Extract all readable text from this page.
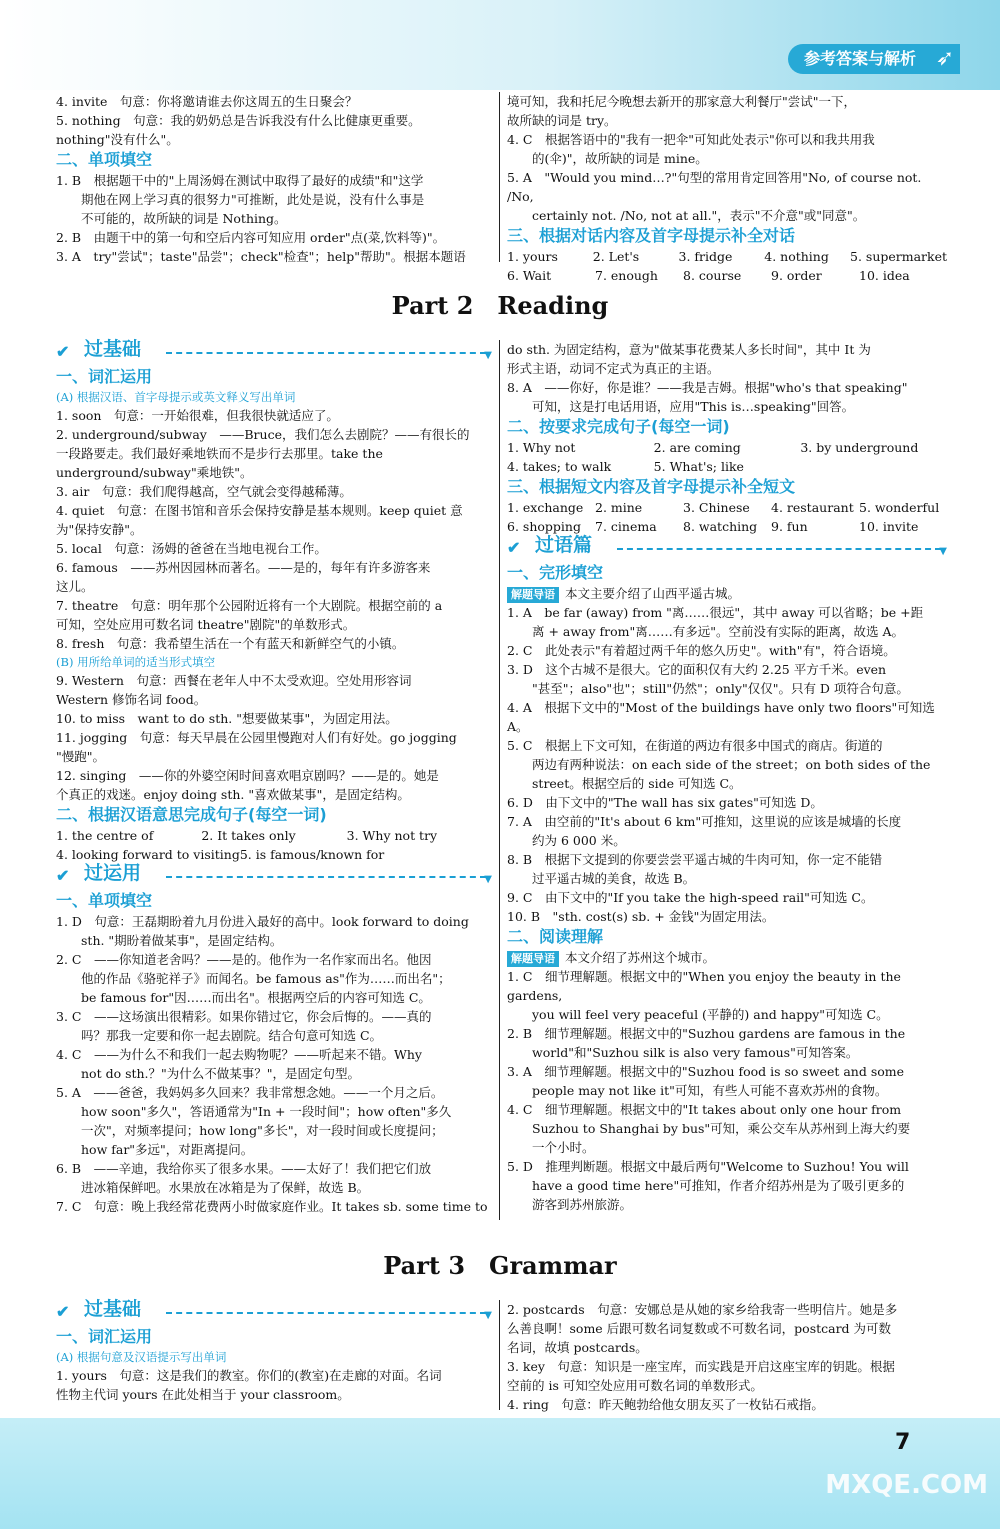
参考答案与解析 ➶
4. invite　句意：你将邀请谁去你这周五的生日聚会？
5. nothing　句意：我的奶奶总是告诉我没有什么比健康更重要。
nothing"没有什么"。
二、单项填空
1. B　根据题干中的"上周汤姆在测试中取得了最好的成绩"和"这学
　　期他在网上学习真的很努力"可推断，此处是说，没有什么事是
　　不可能的，故所缺的词是 Nothing。
2. B　由题干中的第一句和空后内容可知应用 order"点(菜,饮料等)"。
3. A　try"尝试"；taste"品尝"；check"检查"；help"帮助"。根据本题语
境可知，我和托尼今晚想去新开的那家意大利餐厅"尝试"一下，
故所缺的词是 try。
4. C　根据答语中的"我有一把伞"可知此处表示"你可以和我共用我
　　的(伞)"，故所缺的词是 mine。
5. A　"Would you mind…?"句型的常用肯定回答用"No, of course not. /No,
　　certainly not. /No, not at all."，表示"不介意"或"同意"。
三、根据对话内容及首字母提示补全对话
1. yours	2. Let's	3. fridge	4. nothing	5. supermarket
6. Wait	7. enough	8. course	9. order	10. idea
Part 2　Reading
✔ 过基础	▼
一、词汇运用
(A) 根据汉语、首字母提示或英文释义写出单词
1. soon　句意：一开始很难，但我很快就适应了。
2. underground/subway　——Bruce，我们怎么去剧院？——有很长的
一段路要走。我们最好乘地铁而不是步行去那里。take the
underground/subway"乘地铁"。
3. air　句意：我们爬得越高，空气就会变得越稀薄。
4. quiet　句意：在图书馆和音乐会保持安静是基本规则。keep quiet 意
为"保持安静"。
5. local　句意：汤姆的爸爸在当地电视台工作。
6. famous　——苏州因园林而著名。——是的，每年有许多游客来
这儿。
7. theatre　句意：明年那个公园附近将有一个大剧院。根据空前的 a
可知，空处应用可数名词 theatre"剧院"的单数形式。
8. fresh　句意：我希望生活在一个有蓝天和新鲜空气的小镇。
(B) 用所给单词的适当形式填空
9. Western　句意：西餐在老年人中不太受欢迎。空处用形容词
Western 修饰名词 food。
10. to miss　want to do sth. "想要做某事"，为固定用法。
11. jogging　句意：每天早晨在公园里慢跑对人们有好处。go jogging
"慢跑"。
12. singing　——你的外婆空闲时间喜欢唱京剧吗？——是的。她是
个真正的戏迷。enjoy doing sth. "喜欢做某事"，是固定结构。
二、根据汉语意思完成句子(每空一词)
1. the centre of	2. It takes only	3. Why not try
4. looking forward to visiting 5. is famous/known for
✔ 过运用	▼
一、单项填空
1. D　句意：王磊期盼着九月份进入最好的高中。look forward to doing
　　sth. "期盼着做某事"，是固定结构。
2. C　——你知道老舍吗？——是的。他作为一名作家而出名。他因
　　他的作品《骆驼祥子》而闻名。be famous as"作为……而出名"；
　　be famous for"因……而出名"。根据两空后的内容可知选 C。
3. C　——这场演出很精彩。如果你错过它，你会后悔的。——真的
　　吗？那我一定要和你一起去剧院。结合句意可知选 C。
4. C　——为什么不和我们一起去购物呢？——听起来不错。Why
　　not do sth.？"为什么不做某事？"，是固定句型。
5. A　——爸爸，我妈妈多久回来？我非常想念她。——一个月之后。
　　how soon"多久"，答语通常为"In + 一段时间"；how often"多久
　　一次"，对频率提问；how long"多长"，对一段时间或长度提问；
　　how far"多远"，对距离提问。
6. B　——辛迪，我给你买了很多水果。——太好了！我们把它们放
　　进冰箱保鲜吧。水果放在冰箱是为了保鲜，故选 B。
7. C　句意：晚上我经常花费两小时做家庭作业。It takes sb. some time to
do sth. 为固定结构，意为"做某事花费某人多长时间"，其中 It 为
形式主语，动词不定式为真正的主语。
8. A　——你好，你是谁？——我是吉姆。根据"who's that speaking"
　　可知，这是打电话用语，应用"This is…speaking"回答。
二、按要求完成句子(每空一词)
1. Why not	2. are coming	3. by underground
4. takes; to walk	5. What's; like
三、根据短文内容及首字母提示补全短文
1. exchange 2. mine	3. Chinese	4. restaurant 5. wonderful
6. shopping	7. cinema	8. watching	9. fun	10. invite
✔ 过语篇	▼
一、完形填空
解题导语 本文主要介绍了山西平遥古城。
1. A　be far (away) from "离……很远"，其中 away 可以省略；be +距
　　离 + away from"离……有多远"。空前没有实际的距离，故选 A。
2. C　此处表示"有着超过两千年的悠久历史"。with"有"，符合语境。
3. D　这个古城不是很大。它的面积仅有大约 2.25 平方千米。even
　　"甚至"；also"也"；still"仍然"；only"仅仅"。只有 D 项符合句意。
4. A　根据下文中的"Most of the buildings have only two floors"可知选 A。
5. C　根据上下文可知，在街道的两边有很多中国式的商店。街道的
　　两边有两种说法：on each side of the street；on both sides of the
　　street。根据空后的 side 可知选 C。
6. D　由下文中的"The wall has six gates"可知选 D。
7. A　由空前的"It's about 6 km"可推知，这里说的应该是城墙的长度
　　约为 6 000 米。
8. B　根据下文提到的你要尝尝平遥古城的牛肉可知，你一定不能错
　　过平遥古城的美食，故选 B。
9. C　由下文中的"If you take the high-speed rail"可知选 C。
10. B　"sth. cost(s) sb. + 金钱"为固定用法。
二、阅读理解
解题导语 本文介绍了苏州这个城市。
1. C　细节理解题。根据文中的"When you enjoy the beauty in the gardens,
　　you will feel very peaceful (平静的) and happy"可知选 C。
2. B　细节理解题。根据文中的"Suzhou gardens are famous in the
　　world"和"Suzhou silk is also very famous"可知答案。
3. A　细节理解题。根据文中的"Suzhou food is so sweet and some
　　people may not like it"可知，有些人可能不喜欢苏州的食物。
4. C　细节理解题。根据文中的"It takes about only one hour from
　　Suzhou to Shanghai by bus"可知，乘公交车从苏州到上海大约要
　　一个小时。
5. D　推理判断题。根据文中最后两句"Welcome to Suzhou! You will
　　have a good time here"可推知，作者介绍苏州是为了吸引更多的
　　游客到苏州旅游。
Part 3　Grammar
✔ 过基础	▼
一、词汇运用
(A) 根据句意及汉语提示写出单词
1. yours　句意：这是我们的教室。你们的(教室)在走廊的对面。名词
性物主代词 yours 在此处相当于 your classroom。
2. postcards　句意：安娜总是从她的家乡给我寄一些明信片。她是多
么善良啊！some 后跟可数名词复数或不可数名词，postcard 为可数
名词，故填 postcards。
3. key　句意：知识是一座宝库，而实践是开启这座宝库的钥匙。根据
空前的 is 可知空处应用可数名词的单数形式。
4. ring　句意：昨天鲍勃给他女朋友买了一枚钻石戒指。
7
MXQE.COM
